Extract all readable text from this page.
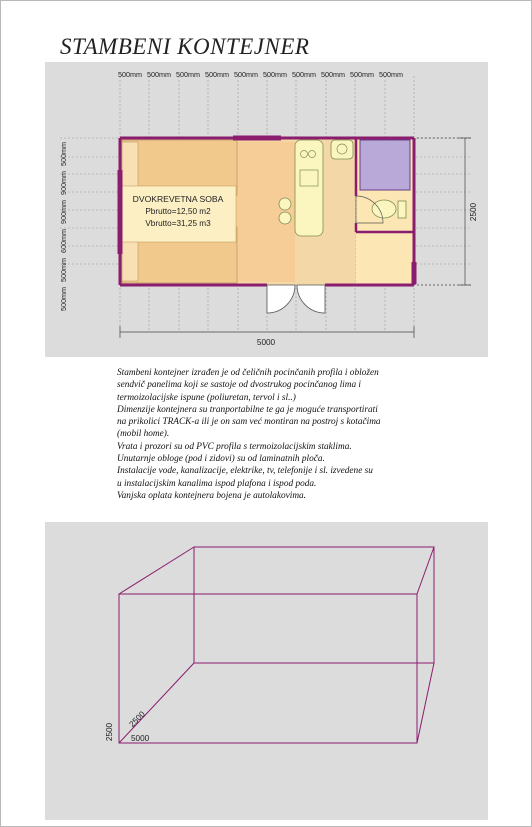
STAMBENI KONTEJNER
500mm 500mm 500mm 500mm 500mm 500mm 500mm 500mm 500mm 500mm
500mm
900mm
900mm
600mm
500mm
500mm
DVOKREVETNA SOBA
Pbrutto=12,50 m2
Vbrutto=31,25 m3
5000
2500

Stambeni kontejner izrađen je od čeličnih pocinčanih profila i obložen

sendvič panelima koji se sastoje od dvostrukog pocinčanog lima i

termoizolacijske ispune (poliuretan, tervol i sl..)

Dimenzije kontejnera su tranportabilne te ga je moguće transportirati

na prikolici TRACK-a ili je on sam već montiran na postroj s kotačima

(mobil home).

Vrata i prozori su od PVC profila s termoizolacijskim staklima.

Unutarnje obloge (pod i zidovi) su od laminatnih ploča.

Instalacije vode, kanalizacije, elektrike, tv, telefonije i sl. izvedene su

u instalacijskim kanalima ispod plafona i ispod poda.

Vanjska oplata kontejnera bojena je autolakovima.

2500
2500
5000
